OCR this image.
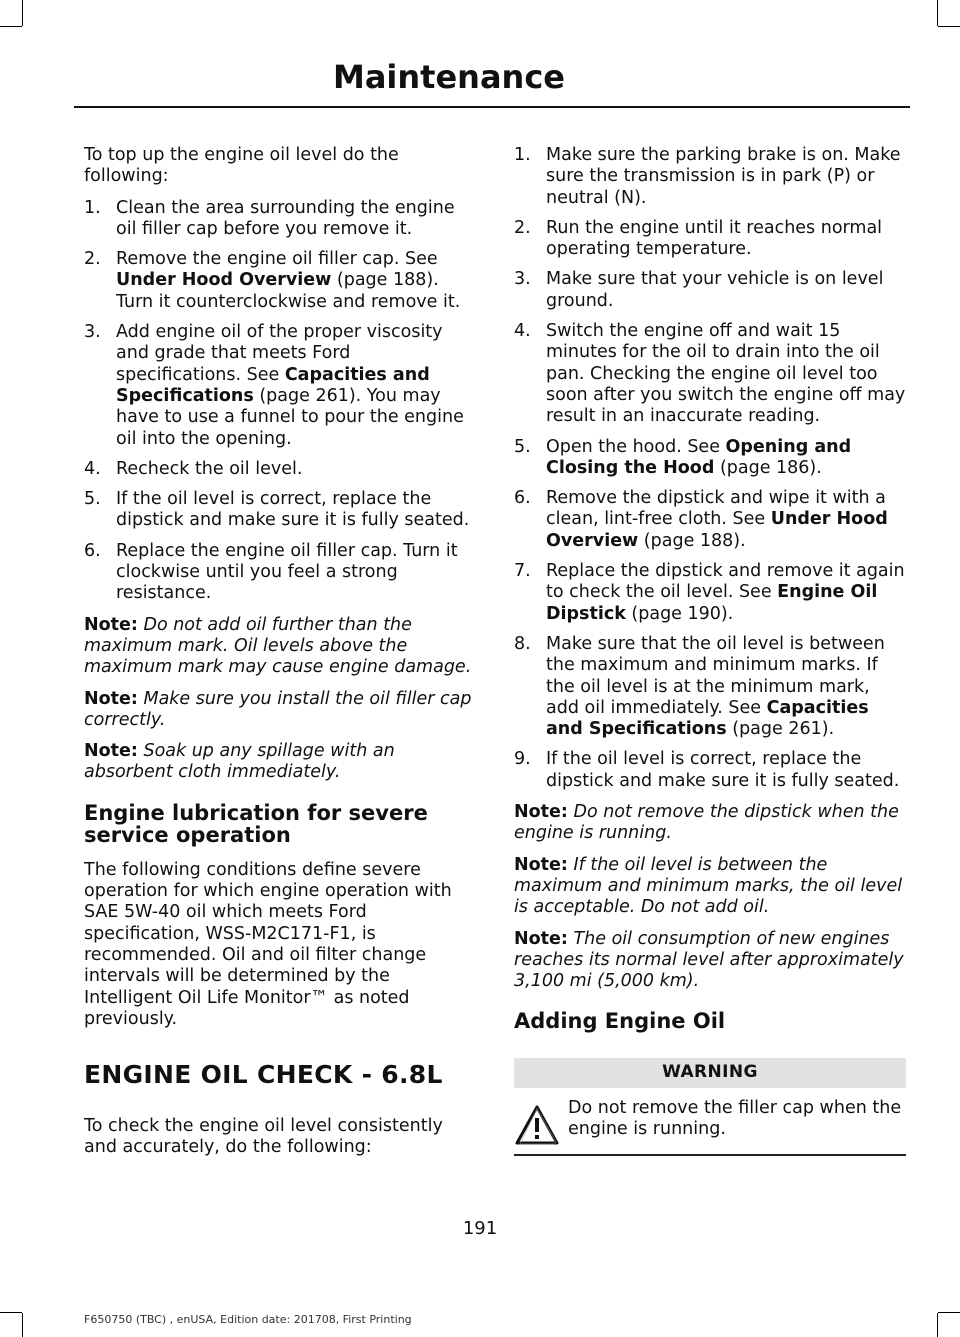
Maintenance

To top up the engine oil level do the following:

1. Clean the area surrounding the engine oil filler cap before you remove it.
2. Remove the engine oil filler cap. See Under Hood Overview (page 188). Turn it counterclockwise and remove it.
3. Add engine oil of the proper viscosity and grade that meets Ford specifications. See Capacities and Specifications (page 261). You may have to use a funnel to pour the engine oil into the opening.
4. Recheck the oil level.
5. If the oil level is correct, replace the dipstick and make sure it is fully seated.
6. Replace the engine oil filler cap. Turn it clockwise until you feel a strong resistance.

Note: Do not add oil further than the maximum mark. Oil levels above the maximum mark may cause engine damage.

Note: Make sure you install the oil filler cap correctly.

Note: Soak up any spillage with an absorbent cloth immediately.

Engine lubrication for severe service operation

The following conditions define severe operation for which engine operation with SAE 5W-40 oil which meets Ford specification, WSS-M2C171-F1, is recommended. Oil and oil filter change intervals will be determined by the Intelligent Oil Life Monitor™ as noted previously.

ENGINE OIL CHECK - 6.8L

To check the engine oil level consistently and accurately, do the following:

1. Make sure the parking brake is on. Make sure the transmission is in park (P) or neutral (N).
2. Run the engine until it reaches normal operating temperature.
3. Make sure that your vehicle is on level ground.
4. Switch the engine off and wait 15 minutes for the oil to drain into the oil pan. Checking the engine oil level too soon after you switch the engine off may result in an inaccurate reading.
5. Open the hood. See Opening and Closing the Hood (page 186).
6. Remove the dipstick and wipe it with a clean, lint-free cloth. See Under Hood Overview (page 188).
7. Replace the dipstick and remove it again to check the oil level. See Engine Oil Dipstick (page 190).
8. Make sure that the oil level is between the maximum and minimum marks. If the oil level is at the minimum mark, add oil immediately. See Capacities and Specifications (page 261).
9. If the oil level is correct, replace the dipstick and make sure it is fully seated.

Note: Do not remove the dipstick when the engine is running.

Note: If the oil level is between the maximum and minimum marks, the oil level is acceptable. Do not add oil.

Note: The oil consumption of new engines reaches its normal level after approximately 3,100 mi (5,000 km).

Adding Engine Oil
WARNING
Do not remove the filler cap when the engine is running.
191
F650750 (TBC) , enUSA, Edition date: 201708, First Printing
